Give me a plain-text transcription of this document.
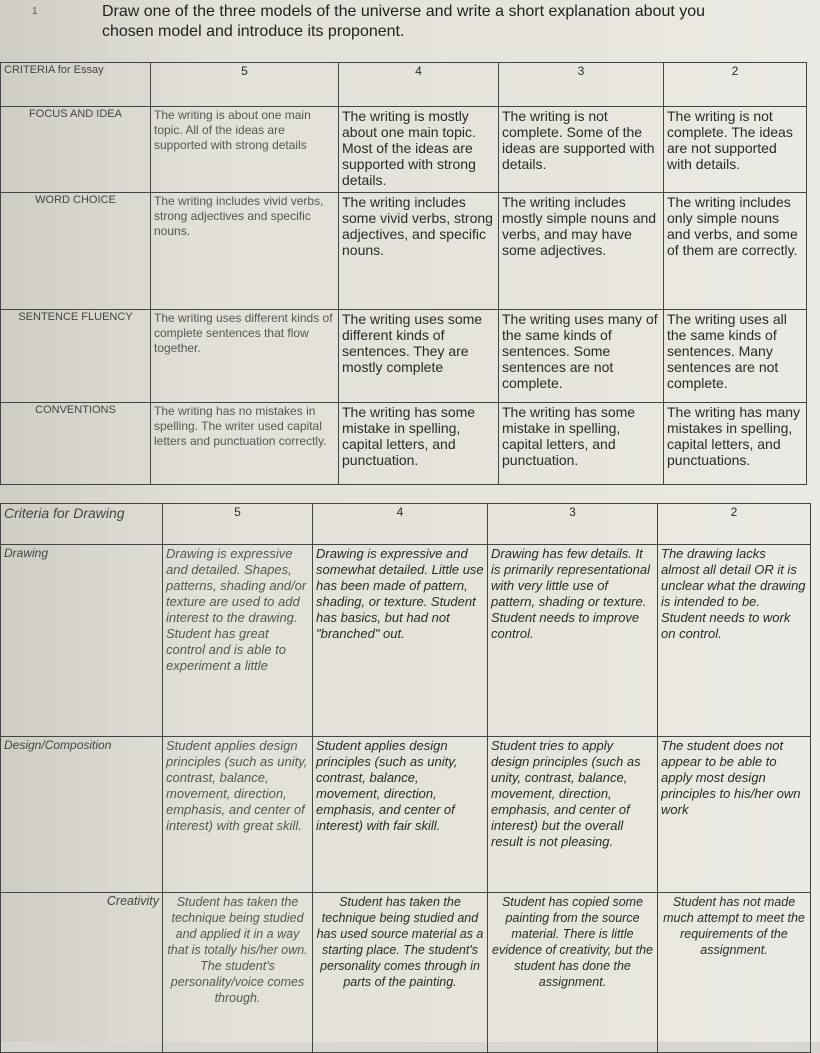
1	Draw one of the three models of the universe and write a short explanation about you

chosen model and introduce its proponent.

CRITERIA for Essay	5	4	3	2
FOCUS AND IDEA	The writing is about one main topic. All of the ideas are supported with strong details	The writing is mostly about one main topic. Most of the ideas are supported with strong details.	The writing is not complete. Some of the ideas are supported with details.	The writing is not complete. The ideas are not supported with details.
WORD CHOICE	The writing includes vivid verbs, strong adjectives and specific nouns.	The writing includes some vivid verbs, strong adjectives, and specific nouns.	The writing includes mostly simple nouns and verbs, and may have some adjectives.	The writing includes only simple nouns and verbs, and some of them are correctly.
SENTENCE FLUENCY	The writing uses different kinds of complete sentences that flow together.	The writing uses some different kinds of sentences. They are mostly complete	The writing uses many of the same kinds of sentences. Some sentences are not complete.	The writing uses all the same kinds of sentences. Many sentences are not complete.
CONVENTIONS	The writing has no mistakes in spelling. The writer used capital letters and punctuation correctly.	The writing has some mistake in spelling, capital letters, and punctuation.	The writing has some mistake in spelling, capital letters, and punctuation.	The writing has many mistakes in spelling, capital letters, and punctuations.
Criteria for Drawing	5	4	3	2
Drawing	Drawing is expressive and detailed. Shapes, patterns, shading and/or texture are used to add interest to the drawing. Student has great control and is able to experiment a little	Drawing is expressive and somewhat detailed. Little use has been made of pattern, shading, or texture. Student has basics, but had not "branched" out.	Drawing has few details. It is primarily representational with very little use of pattern, shading or texture. Student needs to improve control.	The drawing lacks almost all detail OR it is unclear what the drawing is intended to be. Student needs to work on control.
Design/Composition	Student applies design principles (such as unity, contrast, balance, movement, direction, emphasis, and center of interest) with great skill.	Student applies design principles (such as unity, contrast, balance, movement, direction, emphasis, and center of interest) with fair skill.	Student tries to apply design principles (such as unity, contrast, balance, movement, direction, emphasis, and center of interest) but the overall result is not pleasing.	The student does not appear to be able to apply most design principles to his/her own work
Creativity	Student has taken the technique being studied and applied it in a way that is totally his/her own. The student's personality/voice comes through.	Student has taken the technique being studied and has used source material as a starting place. The student's personality comes through in parts of the painting.	Student has copied some painting from the source material. There is little evidence of creativity, but the student has done the assignment.	Student has not made much attempt to meet the requirements of the assignment.
